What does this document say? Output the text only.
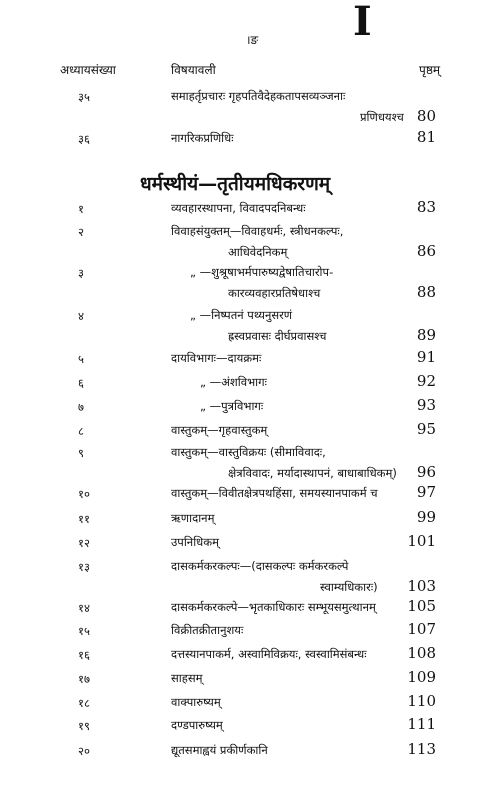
I
।ङ
अध्यायसंख्या	विषयावली	पृष्ठम्
धर्मस्थीयं—तृतीयमधिकरणम्
३५	समाहर्तृप्रचारः गृहपतिवैदेहकतापसव्यञ्जनाः
प्रणिधयश्च 80
३६	नागरिकप्रणिधिः	81
१	व्यवहारस्थापना, विवादपदनिबन्धः	83
२	विवाहसंयुक्तम्—विवाहधर्मः, स्त्रीधनकल्पः,
आधिवेदनिकम्	86
३	„ —शुश्रूषाभर्मपारुष्यद्वेषातिचारोप-
कारव्यवहारप्रतिषेधाश्च	88
४	„ —निष्पतनं पथ्यनुसरणं
ह्रस्वप्रवासः दीर्घप्रवासश्च	89
५	दायविभागः—दायक्रमः	91
६	„ —अंशविभागः	92
७	„ —पुत्रविभागः	93
८	वास्तुकम्—गृहवास्तुकम्	95
९	वास्तुकम्—वास्तुविक्रयः (सीमाविवादः,
क्षेत्रविवादः, मर्यादास्थापनं, बाधाबाधिकम्) 96
१०	वास्तुकम्—विवीतक्षेत्रपथहिंसा, समयस्यानपाकर्म च	97
११	ऋणादानम्	99
१२	उपनिधिकम्	101
१३	दासकर्मकरकल्पः—(दासकल्पः कर्मकरकल्पे
स्वाम्यधिकारः) 103
१४	दासकर्मकरकल्पे—भृतकाधिकारः सम्भूयसमुत्थानम् 105
१५	विक्रीतक्रीतानुशयः	107
१६	दत्तस्यानपाकर्म, अस्वामिविक्रयः, स्वस्वामिसंबन्धः	108
१७	साहसम्	109
१८	वाक्पारुष्यम्	110
१९	दण्डपारुष्यम्	111
२०	द्यूतसमाह्वयं प्रकीर्णकानि	113
